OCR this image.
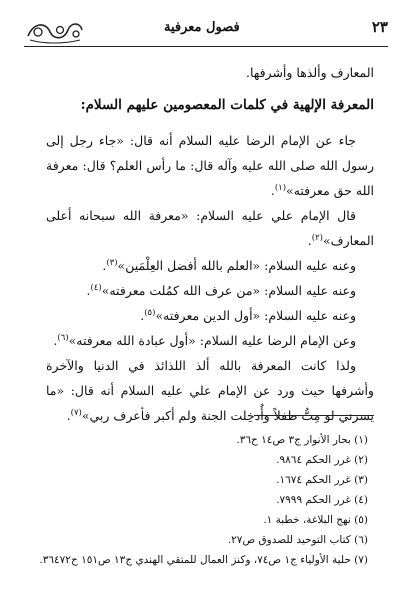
فصول معرفية	٢٣

المعارف وألذها وأشرفها.

المعرفة الإلهية في كلمات المعصومين عليهم السلام:

جاء عن الإمام الرضا عليه السلام أنه قال: «جاء رجل إلى رسول الله صلى الله عليه وآله قال: ما رأس العلم؟ قال: معرفة الله حق معرفته»$^{(١)}$.

قال الإمام علي عليه السلام: «معرفة الله سبحانه أعلى المعارف»$^{(٢)}$.

وعنه عليه السلام: «العلم بالله أفضل العِلْمَين»$^{(٣)}$.

وعنه عليه السلام: «من عرف الله كمُلت معرفته»$^{(٤)}$.

وعنه عليه السلام: «أول الدين معرفته»$^{(٥)}$.

وعن الإمام الرضا عليه السلام: «أول عبادة الله معرفته»$^{(٦)}$.

ولذا كانت المعرفة بالله ألذ اللذائذ في الدنيا والآخرة وأشرفها حيث ورد عن الإمام علي عليه السلام أنه قال: «ما يسرني لو مِتُّ طفلاً وأُدخِلت الجنة ولم أكبر فأعرف ربي»$^{(٧)}$.

(١) بحار الأنوار ج٣ ص١٤ ح٣٦.

(٢) غرر الحكم ٩٨٦٤.

(٣) غرر الحكم ١٦٧٤.

(٤) غرر الحكم ٧٩٩٩.

(٥) نهج البلاغة، خطبة ١.

(٦) كتاب التوحيد للصدوق ص٢٧.

(٧) حلية الأولياء ج١ ص٧٤، وكنز العمال للمتقي الهندي ج١٣ ص١٥١ ح٣٦٤٧٢.
